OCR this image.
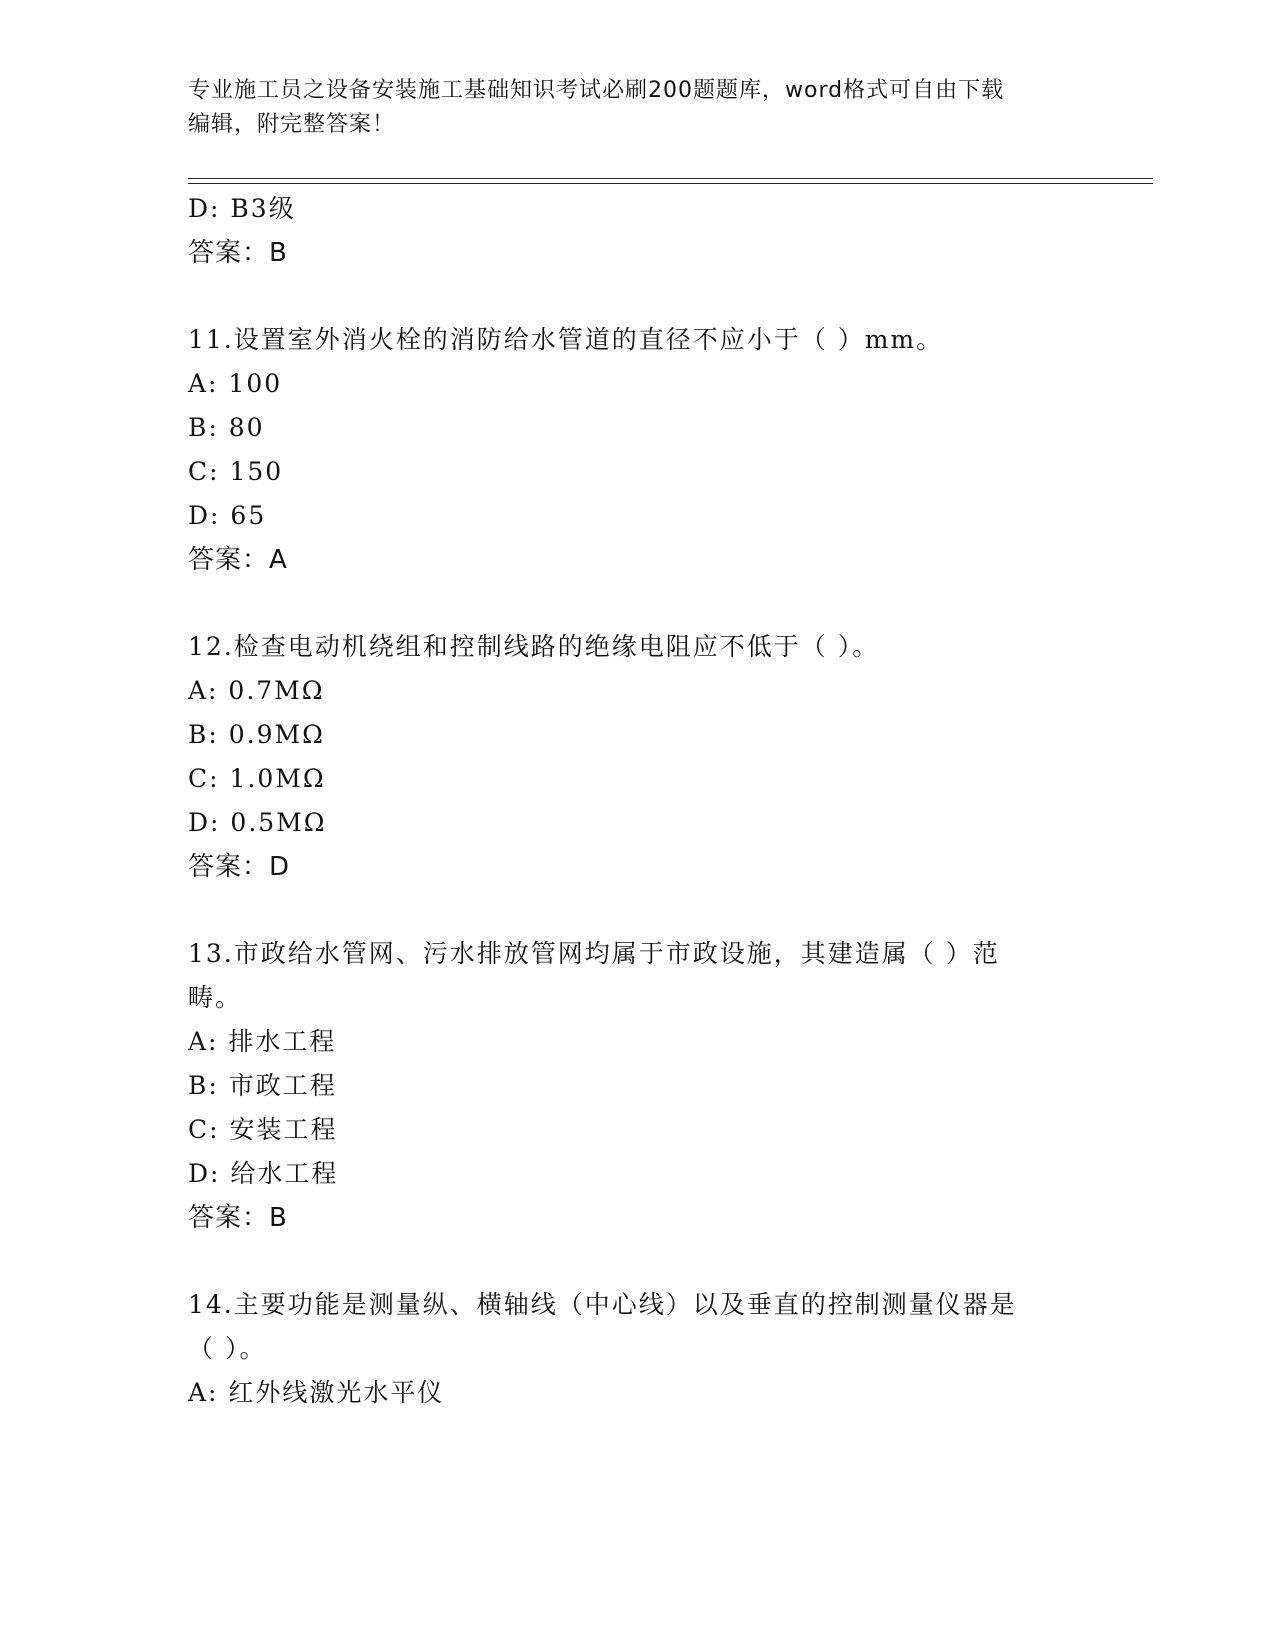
专业施工员之设备安装施工基础知识考试必刷200题题库，word格式可自由下载
编辑，附完整答案！
D: B3级
答案：B
11.设置室外消火栓的消防给水管道的直径不应小于（ ）mm。
A: 100
B: 80
C: 150
D: 65
答案：A
12.检查电动机绕组和控制线路的绝缘电阻应不低于（ ）。
A: 0.7MΩ
B: 0.9MΩ
C: 1.0MΩ
D: 0.5MΩ
答案：D
13.市政给水管网、污水排放管网均属于市政设施，其建造属（ ）范
畴。
A: 排水工程
B: 市政工程
C: 安装工程
D: 给水工程
答案：B
14.主要功能是测量纵、横轴线（中心线）以及垂直的控制测量仪器是
（ ）。
A: 红外线激光水平仪
